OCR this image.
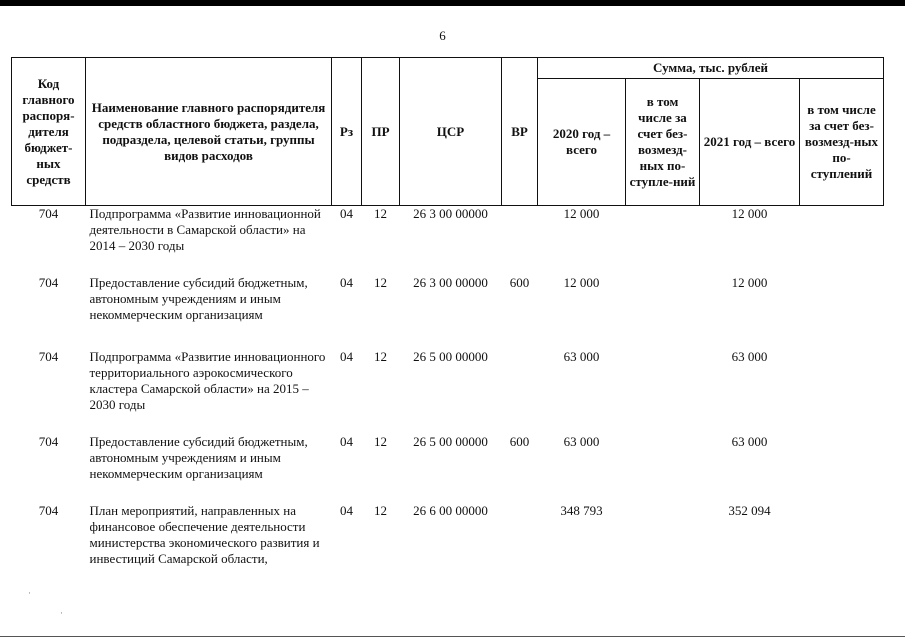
6
Код главного распоря-дителя бюджет-ных средств	Наименование главного распорядителя средств областного бюджета, раздела, подраздела, целевой статьи, группы видов расходов	Рз	ПР	ЦСР	ВР	Сумма, тыс. рублей			
						2020 год – всего	в том числе за счет без-возмезд-ных по-ступле-ний	2021 год – всего	в том числе за счет без-возмезд-ных по-ступлений
704	Подпрограмма «Развитие инновационной деятельности в Самарской области» на 2014 – 2030 годы	04	12	26 3 00 00000		12 000		12 000	
704	Предоставление субсидий бюджетным, автономным учреждениям и иным некоммерческим организациям	04	12	26 3 00 00000	600	12 000		12 000	
704	Подпрограмма «Развитие инновационного территориального аэрокосмического кластера Самарской области» на 2015 – 2030 годы	04	12	26 5 00 00000		63 000		63 000	
704	Предоставление субсидий бюджетным, автономным учреждениям и иным некоммерческим организациям	04	12	26 5 00 00000	600	63 000		63 000	
704	План мероприятий, направленных на финансовое обеспечение деятельности министерства экономического развития и инвестиций Самарской области,	04	12	26 6 00 00000		348 793		352 094	
·
·
